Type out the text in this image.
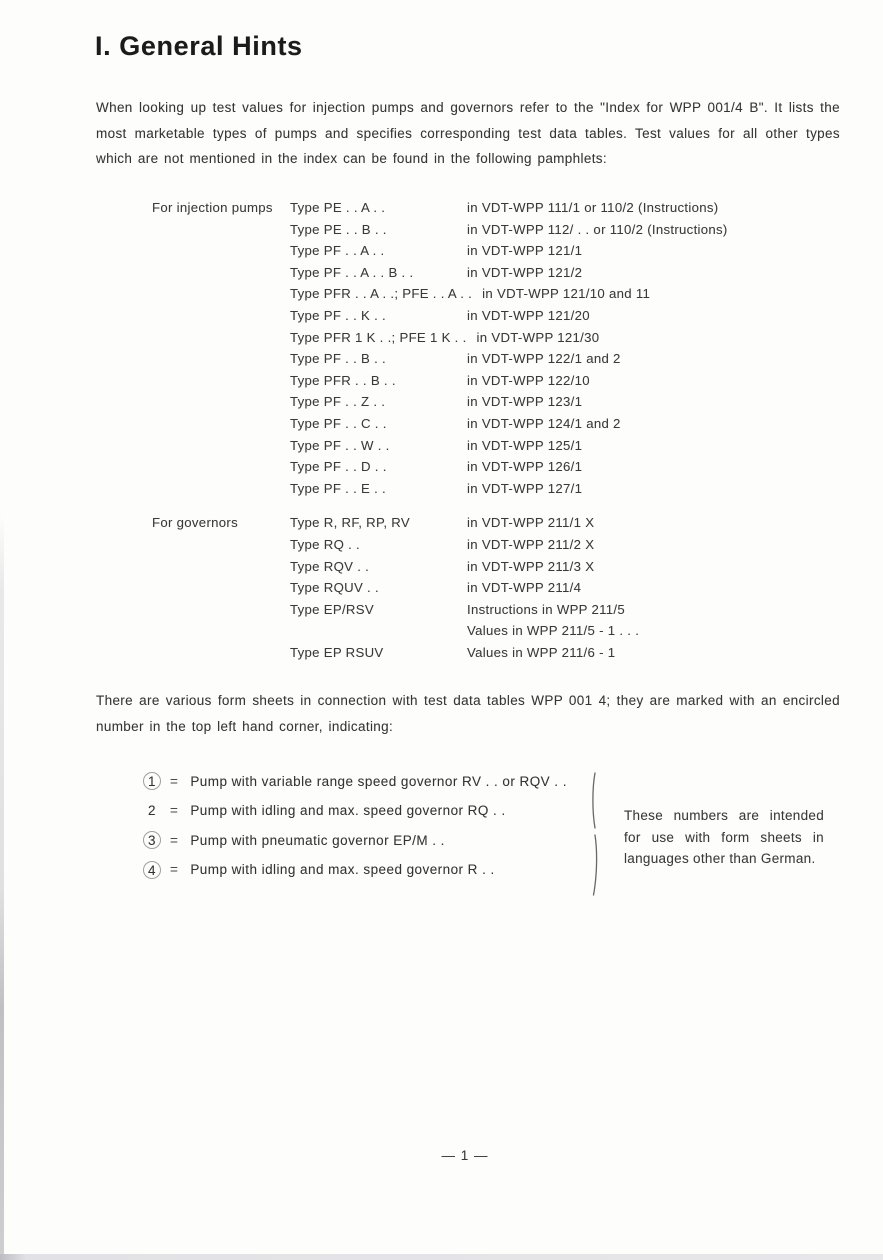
I. General Hints
When looking up test values for injection pumps and governors refer to the "Index for WPP 001/4 B". It lists the most marketable types of pumps and specifies corresponding test data tables. Test values for all other types which are not mentioned in the index can be found in the following pamphlets:
For injection pumps	Type PE . . A . .	in VDT-WPP 111/1 or 110/2 (Instructions)
Type PE . . B . .	in VDT-WPP 112/ . . or 110/2 (Instructions)
Type PF . . A . .	in VDT-WPP 121/1
Type PF . . A . . B . .	in VDT-WPP 121/2
Type PFR . . A . .; PFE . . A . . in VDT-WPP 121/10 and 11
Type PF . . K . .	in VDT-WPP 121/20
Type PFR 1 K . .; PFE 1 K . . in VDT-WPP 121/30
Type PF . . B . .	in VDT-WPP 122/1 and 2
Type PFR . . B . .	in VDT-WPP 122/10
Type PF . . Z . .	in VDT-WPP 123/1
Type PF . . C . .	in VDT-WPP 124/1 and 2
Type PF . . W . .	in VDT-WPP 125/1
Type PF . . D . .	in VDT-WPP 126/1
Type PF . . E . .	in VDT-WPP 127/1
For governors	Type R, RF, RP, RV	in VDT-WPP 211/1 X
Type RQ . .	in VDT-WPP 211/2 X
Type RQV . .	in VDT-WPP 211/3 X
Type RQUV . .	in VDT-WPP 211/4
Type EP/RSV	Instructions in WPP 211/5
Values in WPP 211/5 - 1 . . .
Type EP RSUV	Values in WPP 211/6 - 1
There are various form sheets in connection with test data tables WPP 001 4; they are marked with an encircled number in the top left hand corner, indicating:
1	= Pump with variable range speed governor RV . . or RQV . .
2	= Pump with idling and max. speed governor RQ . .
3	= Pump with pneumatic governor EP/M . .
4	= Pump with idling and max. speed governor R . .
These numbers are intended for use with form sheets in languages other than German.
— 1 —
